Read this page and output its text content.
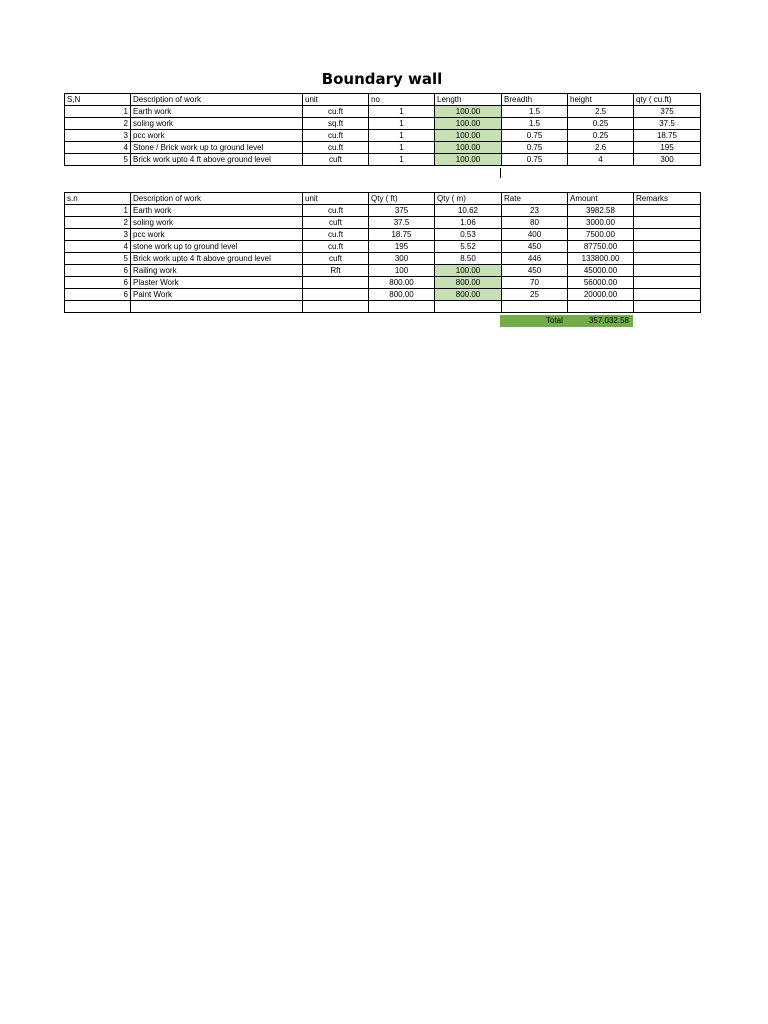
Boundary wall
S,N	Description of work	unit	no	Length	Breadth	height	qty ( cu.ft)
1	Earth work	cu.ft	1	100.00	1.5	2.5	375
2	soling work	sq.ft	1	100.00	1.5	0.25	37.5
3	pcc work	cu.ft	1	100.00	0.75	0.25	18.75
4	Stone / Brick work up to ground level	cu.ft	1	100.00	0.75	2.6	195
5	Brick work upto 4 ft above ground level	cuft	1	100.00	0.75	4	300
s.n	Description of work	unit	Qty ( ft)	Qty ( m)	Rate	Amount	Remarks
1	Earth work	cu.ft	375	10.62	23	3982.58	
2	soling work	cuft	37.5	1.06	80	3000.00	
3	pcc work	cu.ft	18.75	0.53	400	7500.00	
4	stone work up to ground level	cu.ft	195	5.52	450	87750.00	
5	Brick work upto 4 ft above ground level	cuft	300	8.50	446	133800.00	
6	Railing work	Rft	100	100.00	450	45000.00	
6	Plaster Work		800.00	800.00	70	56000.00	
6	Paint Work		800.00	800.00	25	20000.00	

Total	357,032.58
